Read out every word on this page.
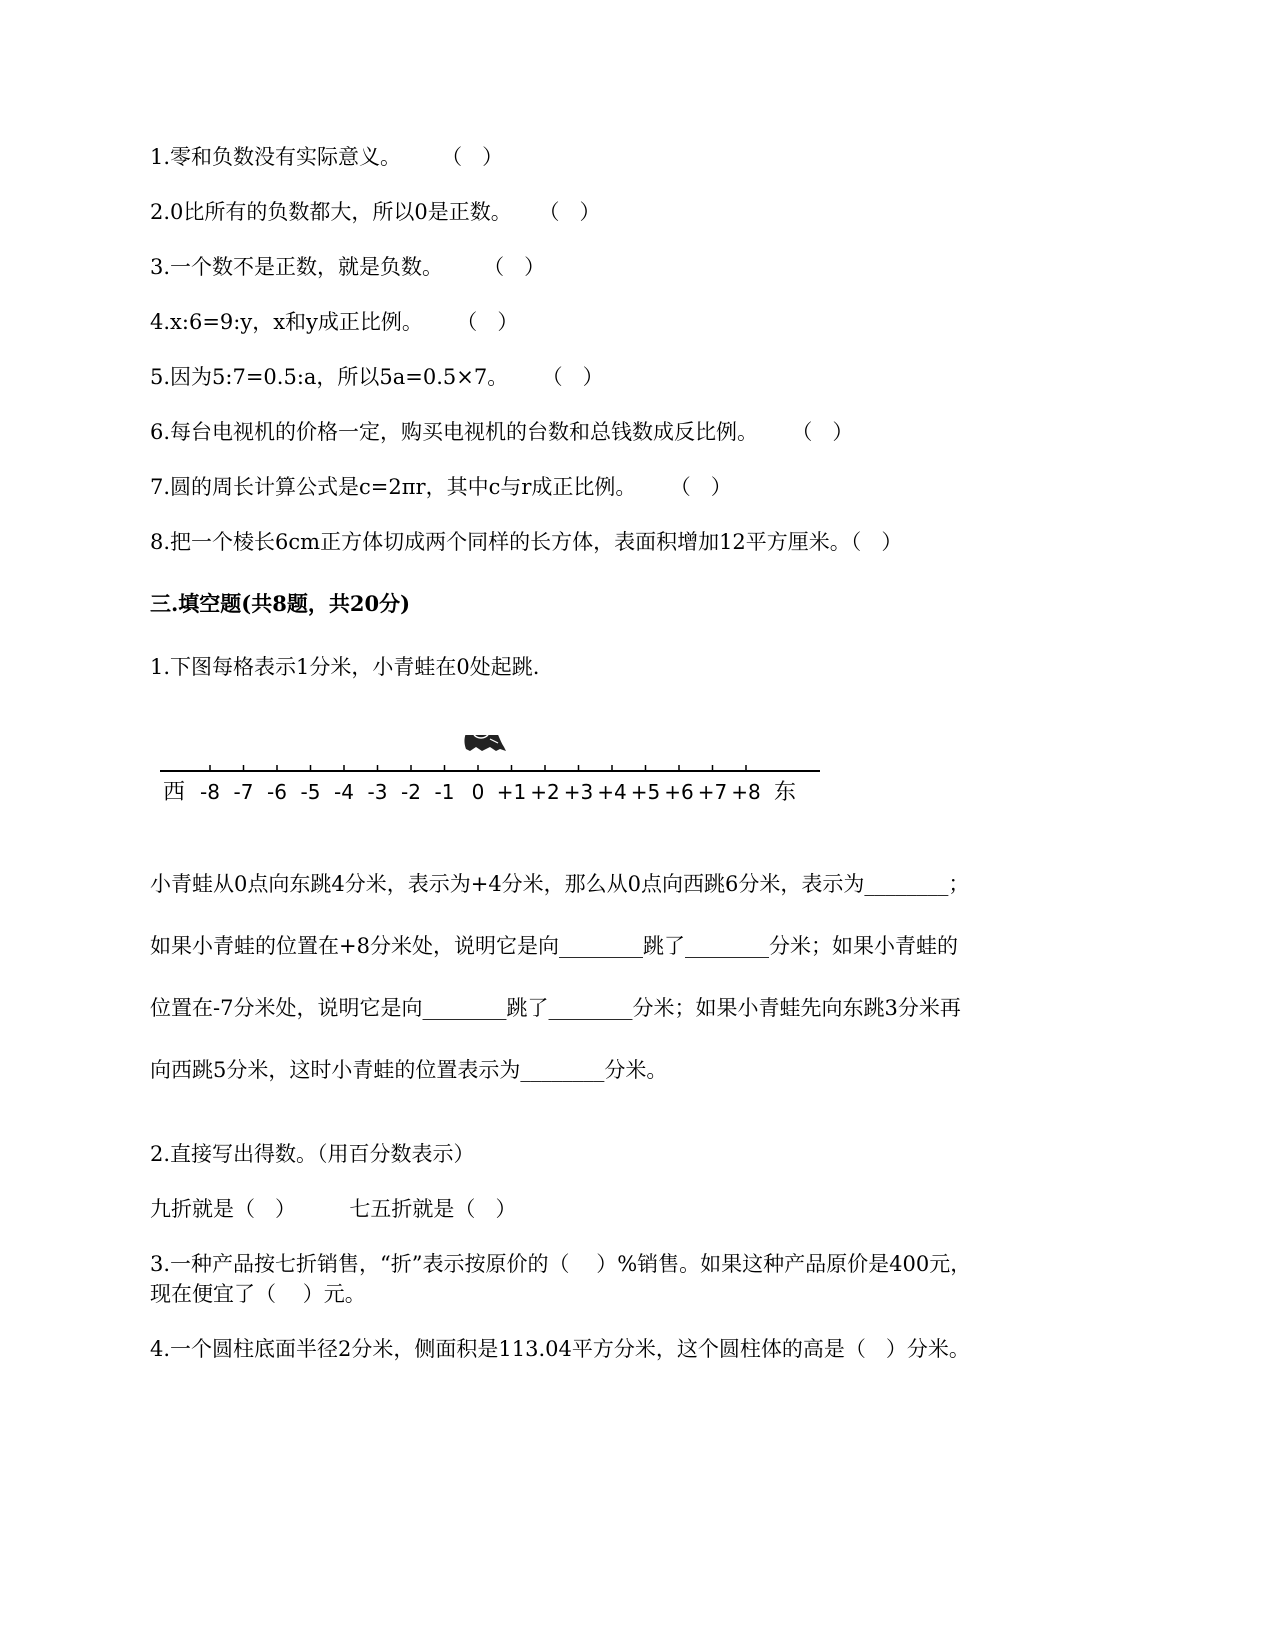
1.零和负数没有实际意义。      （   ）

2.0比所有的负数都大，所以0是正数。    （   ）

3.一个数不是正数，就是负数。      （   ）

4.x:6=9:y，x和y成正比例。     （   ）

5.因为5:7=0.5:a，所以5a=0.5×7。     （   ）

6.每台电视机的价格一定，购买电视机的台数和总钱数成反比例。     （   ）

7.圆的周长计算公式是c=2πr，其中c与r成正比例。     （   ）

8.把一个棱长6cm正方体切成两个同样的长方体，表面积增加12平方厘米。（   ）

三.填空题(共8题，共20分)

1.下图每格表示1分米，小青蛙在0处起跳.

-8 -7 -6 -5 -4 -3 -2 -1 0 +1 +2 +3 +4 +5 +6 +7 +8
西	东

小青蛙从0点向东跳4分米，表示为+4分米，那么从0点向西跳6分米，表示为________；

如果小青蛙的位置在+8分米处，说明它是向________跳了________分米；如果小青蛙的

位置在-7分米处，说明它是向________跳了________分米；如果小青蛙先向东跳3分米再

向西跳5分米，这时小青蛙的位置表示为________分米。

2.直接写出得数。（用百分数表示）

九折就是（   ）        七五折就是（   ）

3.一种产品按七折销售，“折”表示按原价的（    ）%销售。如果这种产品原价是400元，

现在便宜了（    ）元。

4.一个圆柱底面半径2分米，侧面积是113.04平方分米，这个圆柱体的高是（   ）分米。
